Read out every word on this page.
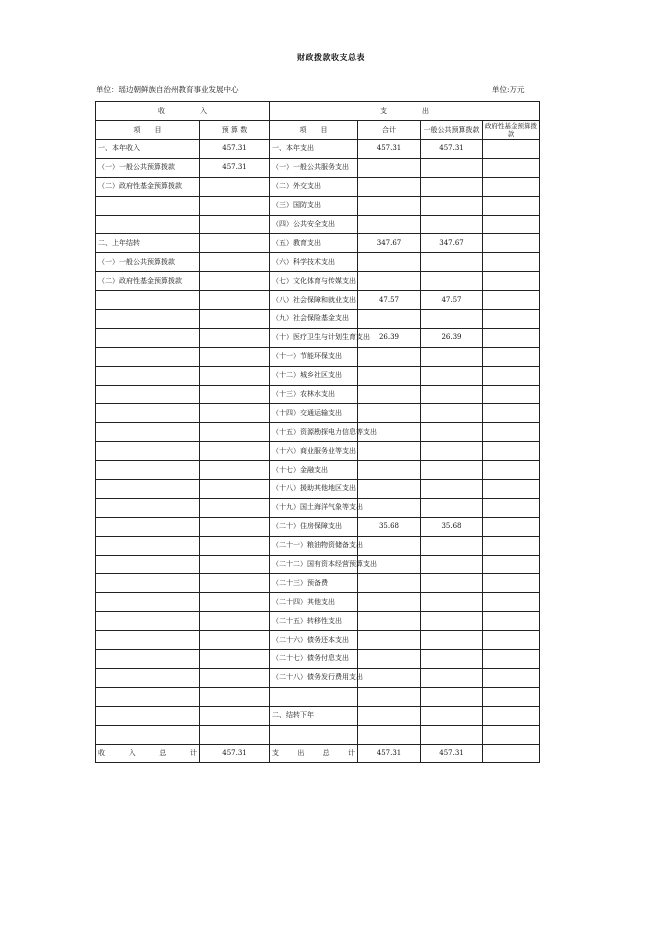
财政拨款收支总表
单位：瑶边朝鲜族自治州教育事业发展中心	单位:万元
收　　　　　入		支　　　　　出			
项　　目	预 算 数	项　　目	合计	一般公共预算拨款	政府性基金预算拨款
一、本年收入	457.31	一、本年支出	457.31	457.31	
（一）一般公共预算拨款	457.31	（一）一般公共服务支出			
（二）政府性基金预算拨款		（二）外交支出			
		（三）国防支出			
		（四）公共安全支出			
二、上年结转		（五）教育支出	347.67	347.67	
（一）一般公共预算拨款		（六）科学技术支出			
（二）政府性基金预算拨款		（七）文化体育与传媒支出			
		（八）社会保障和就业支出	47.57	47.57	
		（九）社会保险基金支出			
		（十）医疗卫生与计划生育支出	26.39	26.39	
		（十一）节能环保支出			
		（十二）城乡社区支出			
		（十三）农林水支出			
		（十四）交通运输支出			
		（十五）资源勘探电力信息等支出			
		（十六）商业服务业等支出			
		（十七）金融支出			
		（十八）援助其他地区支出			
		（十九）国土海洋气象等支出			
		（二十）住房保障支出	35.68	35.68	
		（二十一）粮油物资储备支出			
		（二十二）国有资本经营预算支出			
		（二十三）预备费			
		（二十四）其他支出			
		（二十五）转移性支出			
		（二十六）债务还本支出			
		（二十七）债务付息支出			
		（二十八）债务发行费用支出			

		二、结转下年			

收 入 总 计	457.31	支 出 总 计	457.31	457.31	
